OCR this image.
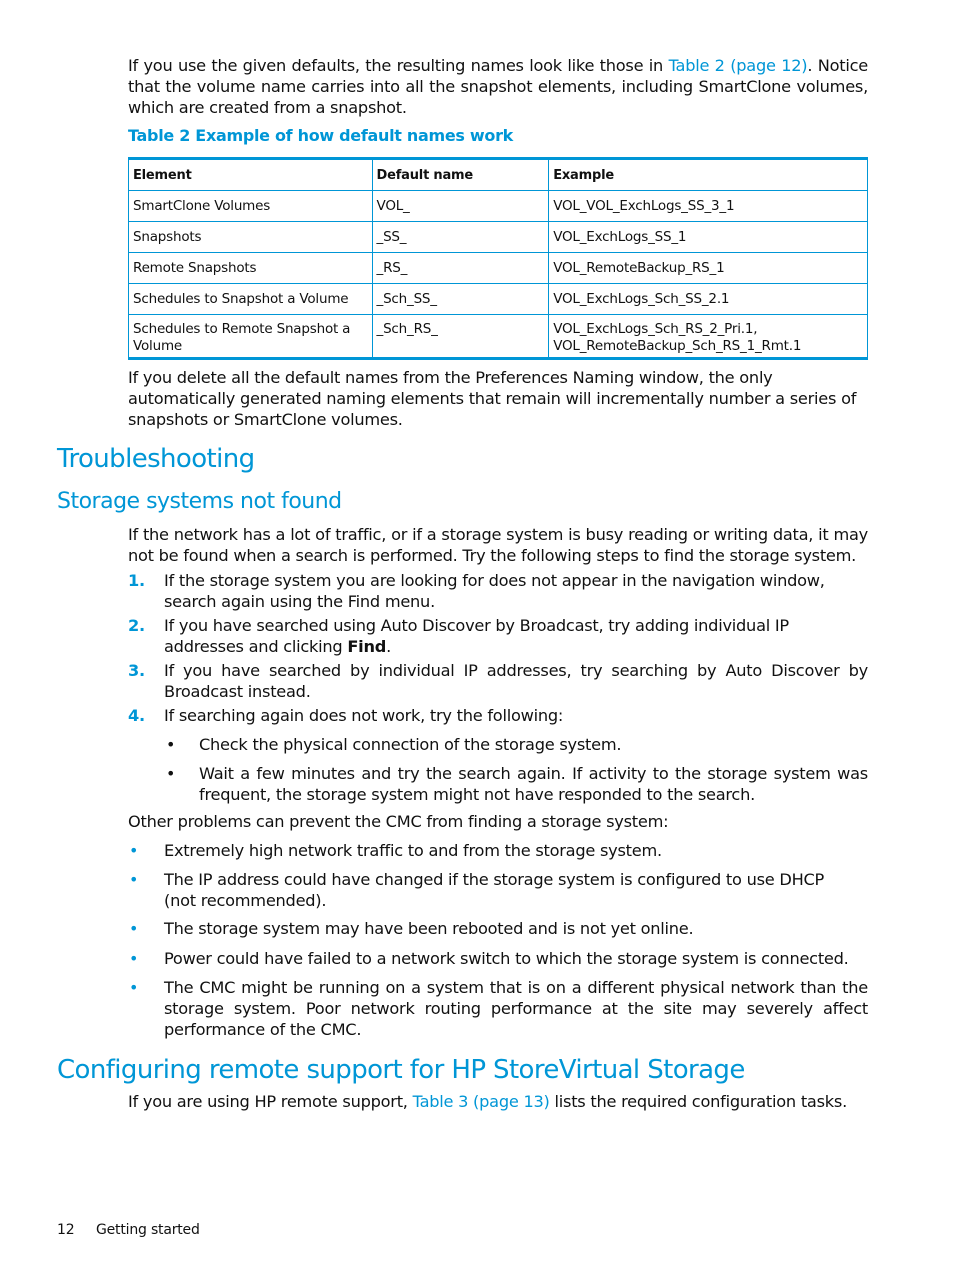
If you use the given defaults, the resulting names look like those in Table 2 (page 12). Notice that the volume name carries into all the snapshot elements, including SmartClone volumes, which are created from a snapshot.
Table 2 Example of how default names work
Element	Default name	Example
SmartClone Volumes	VOL_	VOL_VOL_ExchLogs_SS_3_1
Snapshots	_SS_	VOL_ExchLogs_SS_1
Remote Snapshots	_RS_	VOL_RemoteBackup_RS_1
Schedules to Snapshot a Volume	_Sch_SS_	VOL_ExchLogs_Sch_SS_2.1
Schedules to Remote Snapshot a Volume	_Sch_RS_	VOL_ExchLogs_Sch_RS_2_Pri.1, VOL_RemoteBackup_Sch_RS_1_Rmt.1
If you delete all the default names from the Preferences Naming window, the only automatically generated naming elements that remain will incrementally number a series of snapshots or SmartClone volumes.
Troubleshooting
Storage systems not found
If the network has a lot of traffic, or if a storage system is busy reading or writing data, it may not be found when a search is performed. Try the following steps to find the storage system.
1. If the storage system you are looking for does not appear in the navigation window, search again using the Find menu.
2. If you have searched using Auto Discover by Broadcast, try adding individual IP addresses and clicking Find.
3. If you have searched by individual IP addresses, try searching by Auto Discover by Broadcast instead.
4. If searching again does not work, try the following:
• Check the physical connection of the storage system.
• Wait a few minutes and try the search again. If activity to the storage system was frequent, the storage system might not have responded to the search.
Other problems can prevent the CMC from finding a storage system:
• Extremely high network traffic to and from the storage system.
• The IP address could have changed if the storage system is configured to use DHCP (not recommended).
• The storage system may have been rebooted and is not yet online.
• Power could have failed to a network switch to which the storage system is connected.
• The CMC might be running on a system that is on a different physical network than the storage system. Poor network routing performance at the site may severely affect performance of the CMC.
Configuring remote support for HP StoreVirtual Storage
If you are using HP remote support, Table 3 (page 13) lists the required configuration tasks.
12 Getting started
